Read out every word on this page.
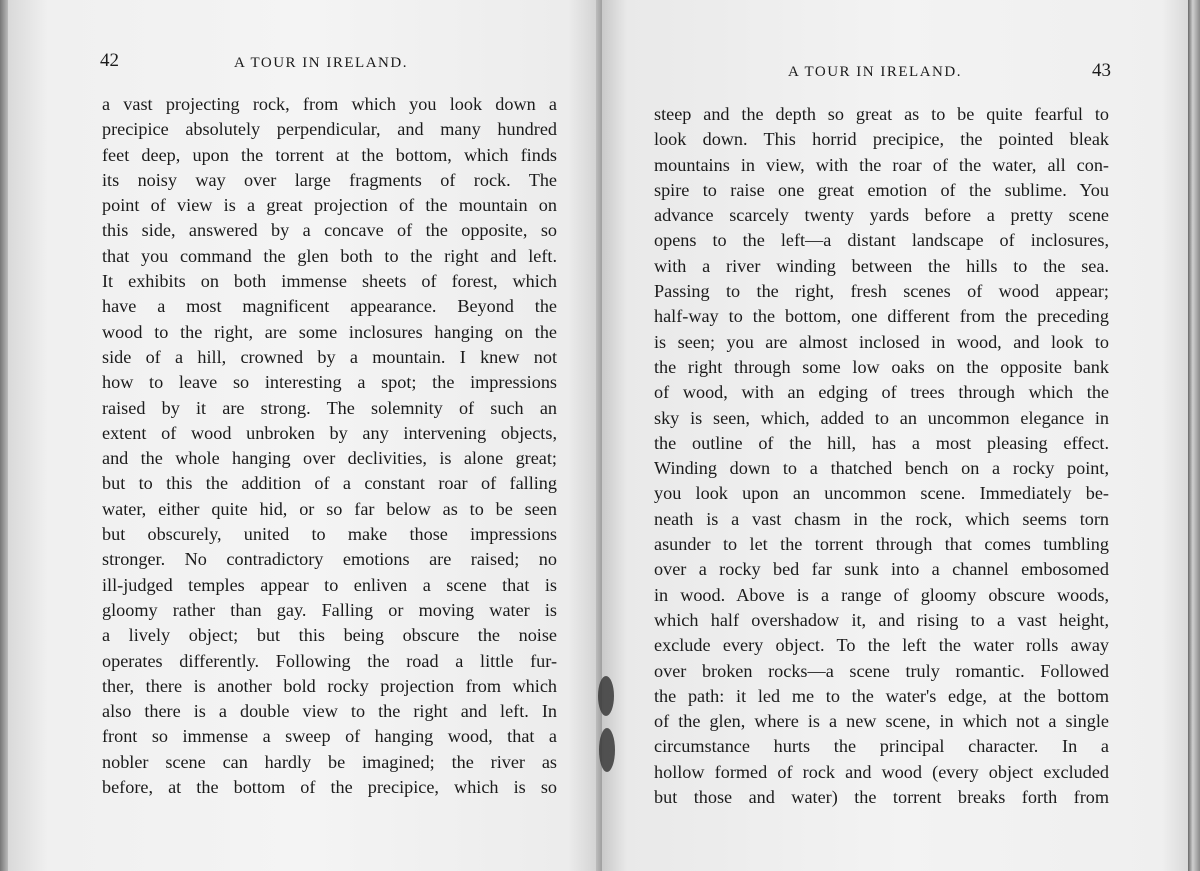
42	A TOUR IN IRELAND.
a vast projecting rock, from which you look down a
precipice absolutely perpendicular, and many hundred
feet deep, upon the torrent at the bottom, which finds
its noisy way over large fragments of rock. The
point of view is a great projection of the mountain on
this side, answered by a concave of the opposite, so
that you command the glen both to the right and left.
It exhibits on both immense sheets of forest, which
have a most magnificent appearance. Beyond the
wood to the right, are some inclosures hanging on the
side of a hill, crowned by a mountain. I knew not
how to leave so interesting a spot; the impressions
raised by it are strong. The solemnity of such an
extent of wood unbroken by any intervening objects,
and the whole hanging over declivities, is alone great;
but to this the addition of a constant roar of falling
water, either quite hid, or so far below as to be seen
but obscurely, united to make those impressions
stronger. No contradictory emotions are raised; no
ill-judged temples appear to enliven a scene that is
gloomy rather than gay. Falling or moving water is
a lively object; but this being obscure the noise
operates differently. Following the road a little fur-
ther, there is another bold rocky projection from which
also there is a double view to the right and left. In
front so immense a sweep of hanging wood, that a
nobler scene can hardly be imagined; the river as
before, at the bottom of the precipice, which is so
A TOUR IN IRELAND.	43
steep and the depth so great as to be quite fearful to
look down. This horrid precipice, the pointed bleak
mountains in view, with the roar of the water, all con-
spire to raise one great emotion of the sublime. You
advance scarcely twenty yards before a pretty scene
opens to the left—a distant landscape of inclosures,
with a river winding between the hills to the sea.
Passing to the right, fresh scenes of wood appear;
half-way to the bottom, one different from the preceding
is seen; you are almost inclosed in wood, and look to
the right through some low oaks on the opposite bank
of wood, with an edging of trees through which the
sky is seen, which, added to an uncommon elegance in
the outline of the hill, has a most pleasing effect.
Winding down to a thatched bench on a rocky point,
you look upon an uncommon scene. Immediately be-
neath is a vast chasm in the rock, which seems torn
asunder to let the torrent through that comes tumbling
over a rocky bed far sunk into a channel embosomed
in wood. Above is a range of gloomy obscure woods,
which half overshadow it, and rising to a vast height,
exclude every object. To the left the water rolls away
over broken rocks—a scene truly romantic. Followed
the path: it led me to the water's edge, at the bottom
of the glen, where is a new scene, in which not a single
circumstance hurts the principal character. In a
hollow formed of rock and wood (every object excluded
but those and water) the torrent breaks forth from
